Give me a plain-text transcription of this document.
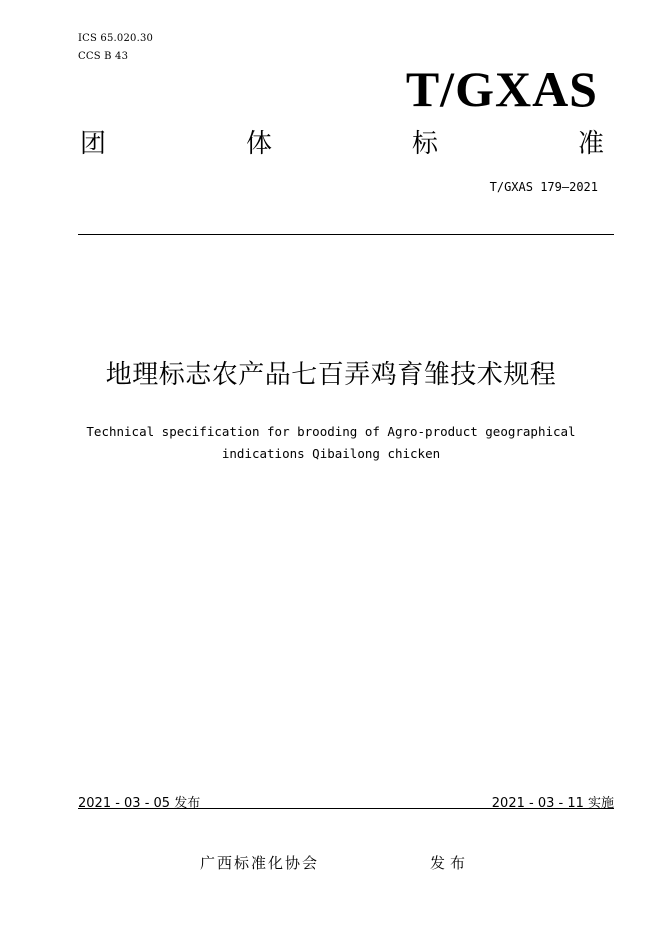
ICS 65.020.30
CCS B 43
T/GXAS
团	体	标	准
T/GXAS 179—2021
地理标志农产品七百弄鸡育雏技术规程
Technical specification for brooding of Agro-product geographical
indications Qibailong chicken
2021 - 03 - 05 发布	2021 - 03 - 11 实施
广西标准化协会	发布
